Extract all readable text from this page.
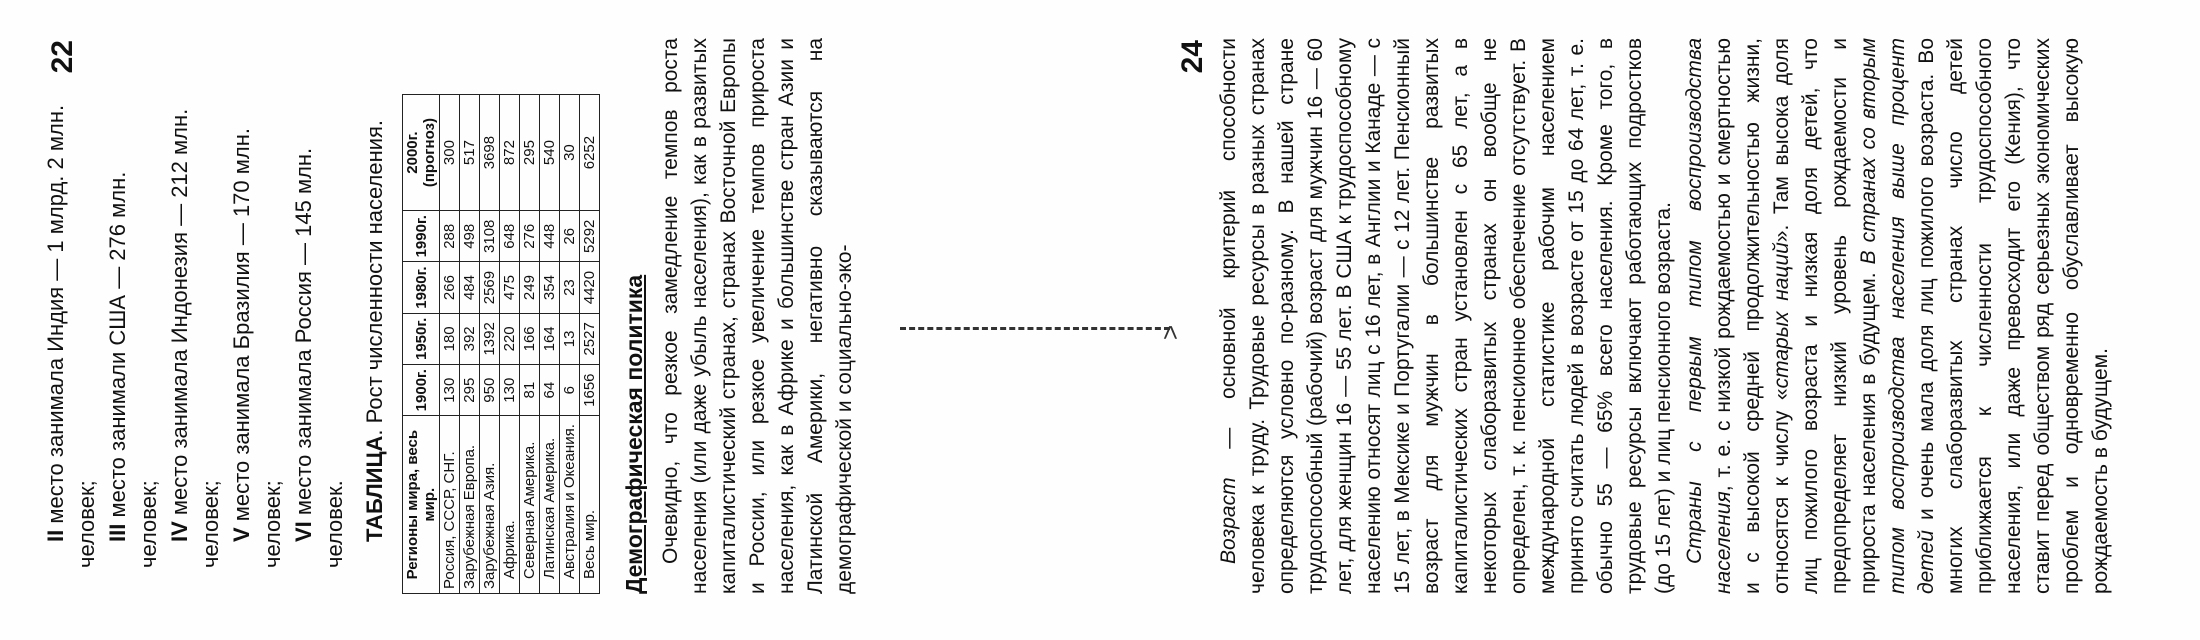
22

II место занимала Индия — 1 млрд. 2 млн. человек; III место занимали США — 276 млн. человек; IV место занимала Индонезия — 212 млн. человек; V место занимала Бразилия — 170 млн. человек; VI место занимала Россия — 145 млн. человек. ТАБЛИЦА. Рост численности населения.
Регионы мира, весь мир.	1900г.	1950г.	1980г.	1990г.	2000г. (прогноз)
Россия, СССР, СНГ.	130	180	266	288	300
Зарубежная Европа.	295	392	484	498	517
Зарубежная Азия.	950	1392	2569	3108	3698
Африка.	130	220	475	648	872
Северная Америка.	81	166	249	276	295
Латинская Америка.	64	164	354	448	540
Австралия и Океания.	6	13	23	26	30
Весь мир.	1656	2527	4420	5292	6252
Демографическая политика Очевидно, что резкое замедление темпов роста населения (или даже убыль населения), как в развитых капиталистический странах, странах Восточной Европы и России, или резкое увеличение темпов прироста населения, как в Африке и большинстве стран Азии и Латинской Америки, негативно сказываются на демографической и социально-эко-	>
24

Возраст — основной критерий способности человека к труду. Трудовые ресурсы в разных странах определяются условно по-разному. В нашей стране трудоспособный (рабочий) возраст для мужчин 16 — 60 лет, для женщин 16 — 55 лет. В США к трудоспособному населению относят лиц с 16 лет, в Англии и Канаде — с 15 лет, в Мексике и Португалии — с 12 лет. Пенсионный возраст для мужчин в большинстве развитых капиталистических стран установлен с 65 лет, а в некоторых слаборазвитых странах он вообще не определен, т. к. пенсионное обеспечение отсутствует. В международной статистике рабочим населением принято считать людей в возрасте от 15 до 64 лет, т. е. обычно 55 — 65% всего населения. Кроме того, в трудовые ресурсы включают работающих подростков (до 15 лет) и лиц пенсионного возраста. Страны с первым типом воспроизводства населения, т. е. с низкой рождаемостью и смертностью и с высокой средней продолжительностью жизни, относятся к числу «старых наций». Там высока доля лиц пожилого возраста и низкая доля детей, что предопределяет низкий уровень рождаемости и прироста населения в будущем. В странах со вторым типом воспроизводства населения выше процент детей и очень мала доля лиц пожилого возраста. Во многих слаборазвитых странах число детей приближается к численности трудоспособного населения, или даже превосходит его (Кения), что ставит перед обществом ряд серьезных экономических проблем и одновременно обуславливает высокую рождаемость в будущем.
